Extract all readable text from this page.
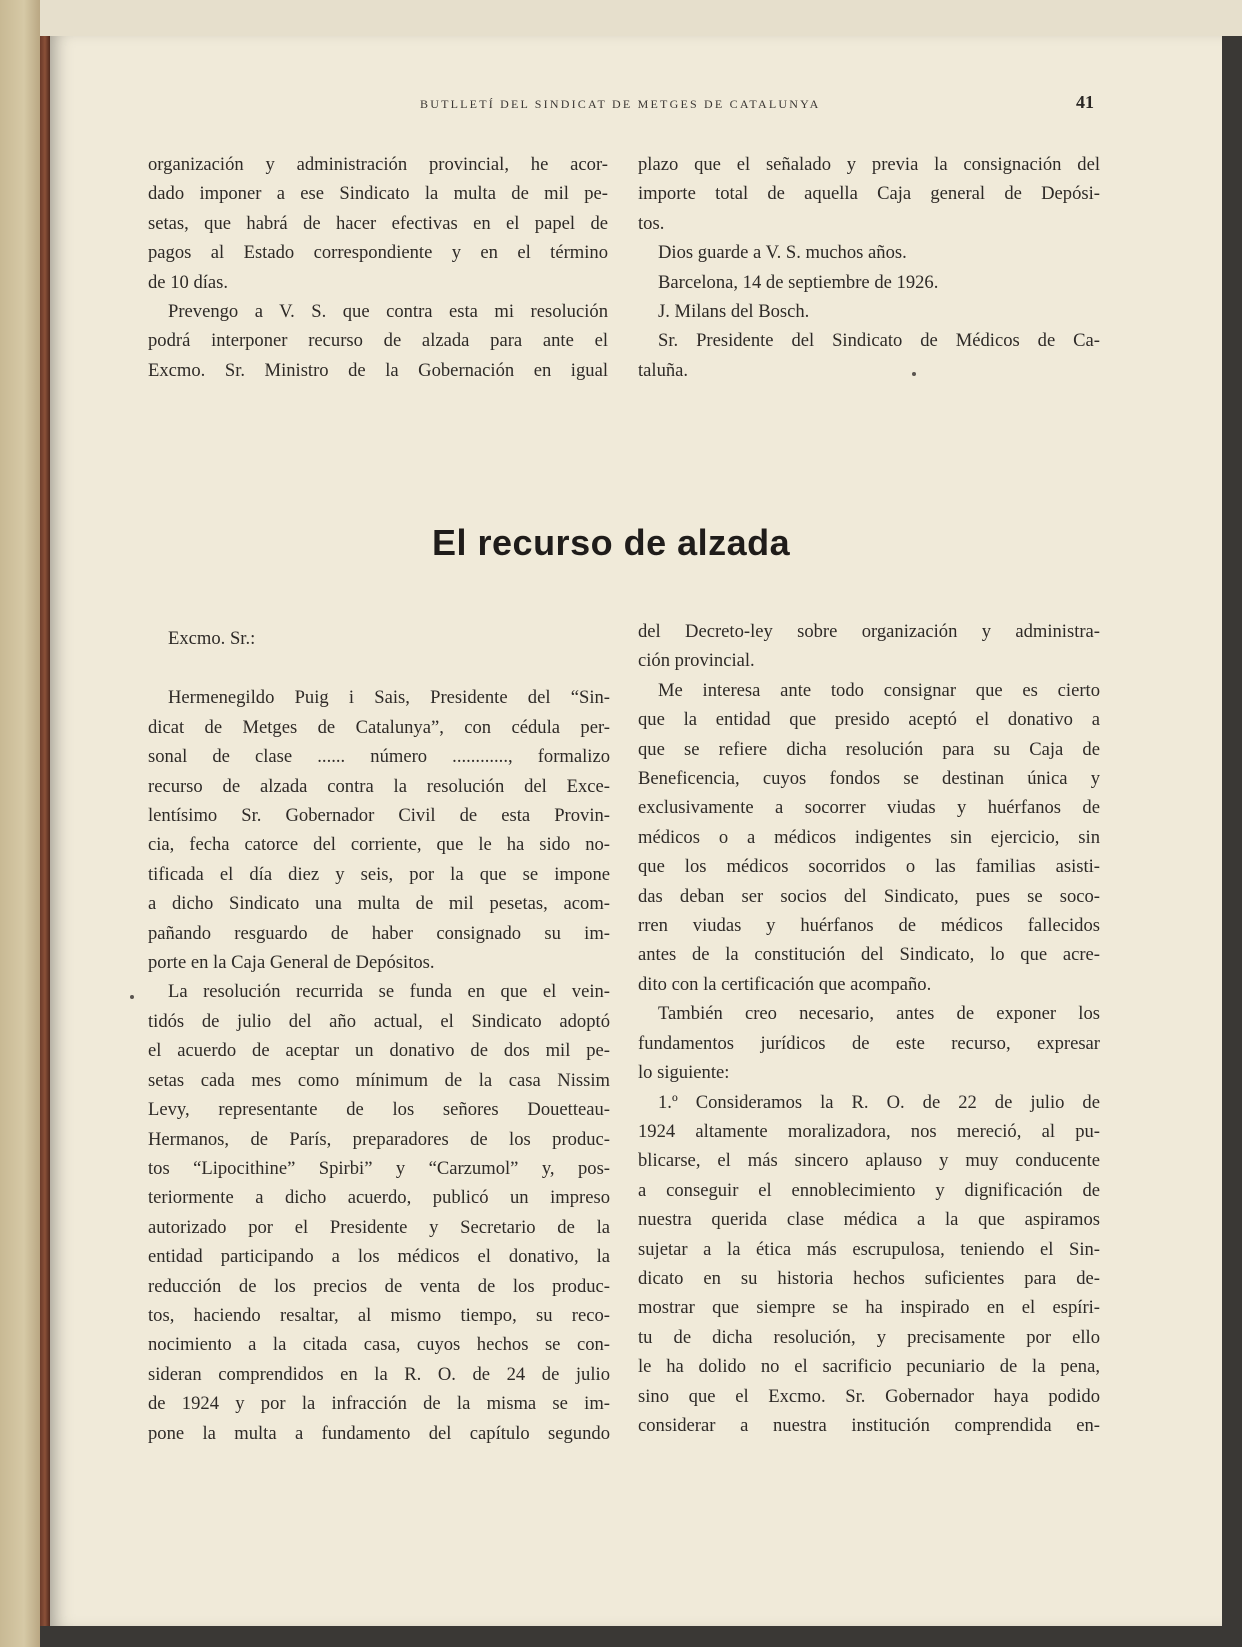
BUTLLETÍ DEL SINDICAT DE METGES DE CATALUNYA	41

organización y administración provincial, he acor-

dado imponer a ese Sindicato la multa de mil pe-

setas, que habrá de hacer efectivas en el papel de

pagos al Estado correspondiente y en el término

de 10 días.

Prevengo a V. S. que contra esta mi resolución

podrá interponer recurso de alzada para ante el

Excmo. Sr. Ministro de la Gobernación en igual

plazo que el señalado y previa la consignación del

importe total de aquella Caja general de Depósi-

tos.

Dios guarde a V. S. muchos años.

Barcelona, 14 de septiembre de 1926.

J. Milans del Bosch.

Sr. Presidente del Sindicato de Médicos de Ca-

taluña.

El recurso de alzada

Excmo. Sr.:

Hermenegildo Puig i Sais, Presidente del “Sin-

dicat de Metges de Catalunya”, con cédula per-

sonal de clase ...... número ............, formalizo

recurso de alzada contra la resolución del Exce-

lentísimo Sr. Gobernador Civil de esta Provin-

cia, fecha catorce del corriente, que le ha sido no-

tificada el día diez y seis, por la que se impone

a dicho Sindicato una multa de mil pesetas, acom-

pañando resguardo de haber consignado su im-

porte en la Caja General de Depósitos.

La resolución recurrida se funda en que el vein-

tidós de julio del año actual, el Sindicato adoptó

el acuerdo de aceptar un donativo de dos mil pe-

setas cada mes como mínimum de la casa Nissim

Levy, representante de los señores Douetteau-

Hermanos, de París, preparadores de los produc-

tos “Lipocithine” Spirbi” y “Carzumol” y, pos-

teriormente a dicho acuerdo, publicó un impreso

autorizado por el Presidente y Secretario de la

entidad participando a los médicos el donativo, la

reducción de los precios de venta de los produc-

tos, haciendo resaltar, al mismo tiempo, su reco-

nocimiento a la citada casa, cuyos hechos se con-

sideran comprendidos en la R. O. de 24 de julio

de 1924 y por la infracción de la misma se im-

pone la multa a fundamento del capítulo segundo

del Decreto-ley sobre organización y administra-

ción provincial.

Me interesa ante todo consignar que es cierto

que la entidad que presido aceptó el donativo a

que se refiere dicha resolución para su Caja de

Beneficencia, cuyos fondos se destinan única y

exclusivamente a socorrer viudas y huérfanos de

médicos o a médicos indigentes sin ejercicio, sin

que los médicos socorridos o las familias asisti-

das deban ser socios del Sindicato, pues se soco-

rren viudas y huérfanos de médicos fallecidos

antes de la constitución del Sindicato, lo que acre-

dito con la certificación que acompaño.

También creo necesario, antes de exponer los

fundamentos jurídicos de este recurso, expresar

lo siguiente:

1.º Consideramos la R. O. de 22 de julio de

1924 altamente moralizadora, nos mereció, al pu-

blicarse, el más sincero aplauso y muy conducente

a conseguir el ennoblecimiento y dignificación de

nuestra querida clase médica a la que aspiramos

sujetar a la ética más escrupulosa, teniendo el Sin-

dicato en su historia hechos suficientes para de-

mostrar que siempre se ha inspirado en el espíri-

tu de dicha resolución, y precisamente por ello

le ha dolido no el sacrificio pecuniario de la pena,

sino que el Excmo. Sr. Gobernador haya podido

considerar a nuestra institución comprendida en-
